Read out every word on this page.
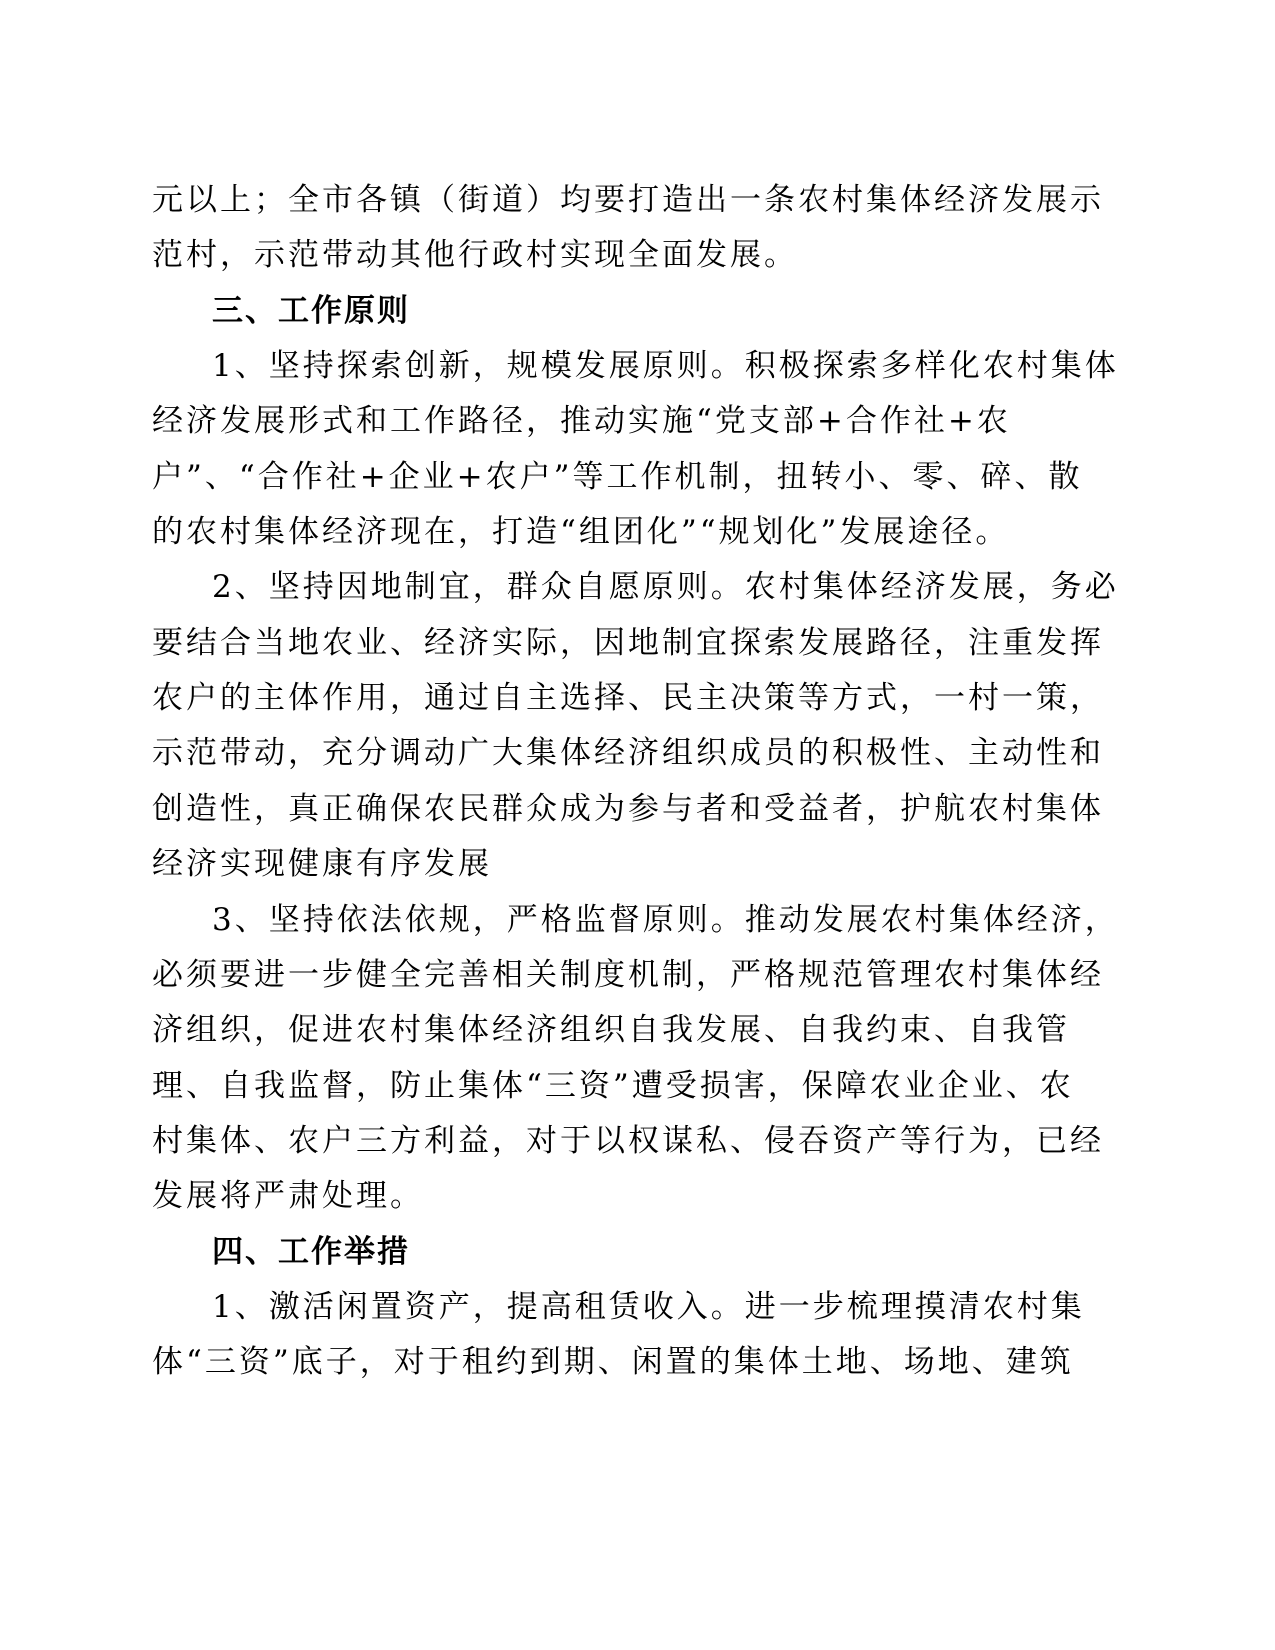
元以上；全市各镇（街道）均要打造出一条农村集体经济发展示

范村，示范带动其他行政村实现全面发展。

三、工作原则

1、坚持探索创新，规模发展原则。积极探索多样化农村集体

经济发展形式和工作路径，推动实施“党支部+合作社+农

户”、“合作社+企业+农户”等工作机制，扭转小、零、碎、散

的农村集体经济现在，打造“组团化”“规划化”发展途径。

2、坚持因地制宜，群众自愿原则。农村集体经济发展，务必

要结合当地农业、经济实际，因地制宜探索发展路径，注重发挥

农户的主体作用，通过自主选择、民主决策等方式，一村一策，

示范带动，充分调动广大集体经济组织成员的积极性、主动性和

创造性，真正确保农民群众成为参与者和受益者，护航农村集体

经济实现健康有序发展

3、坚持依法依规，严格监督原则。推动发展农村集体经济，

必须要进一步健全完善相关制度机制，严格规范管理农村集体经

济组织，促进农村集体经济组织自我发展、自我约束、自我管

理、自我监督，防止集体“三资”遭受损害，保障农业企业、农

村集体、农户三方利益，对于以权谋私、侵吞资产等行为，已经

发展将严肃处理。

四、工作举措

1、激活闲置资产，提高租赁收入。进一步梳理摸清农村集

体“三资”底子，对于租约到期、闲置的集体土地、场地、建筑
